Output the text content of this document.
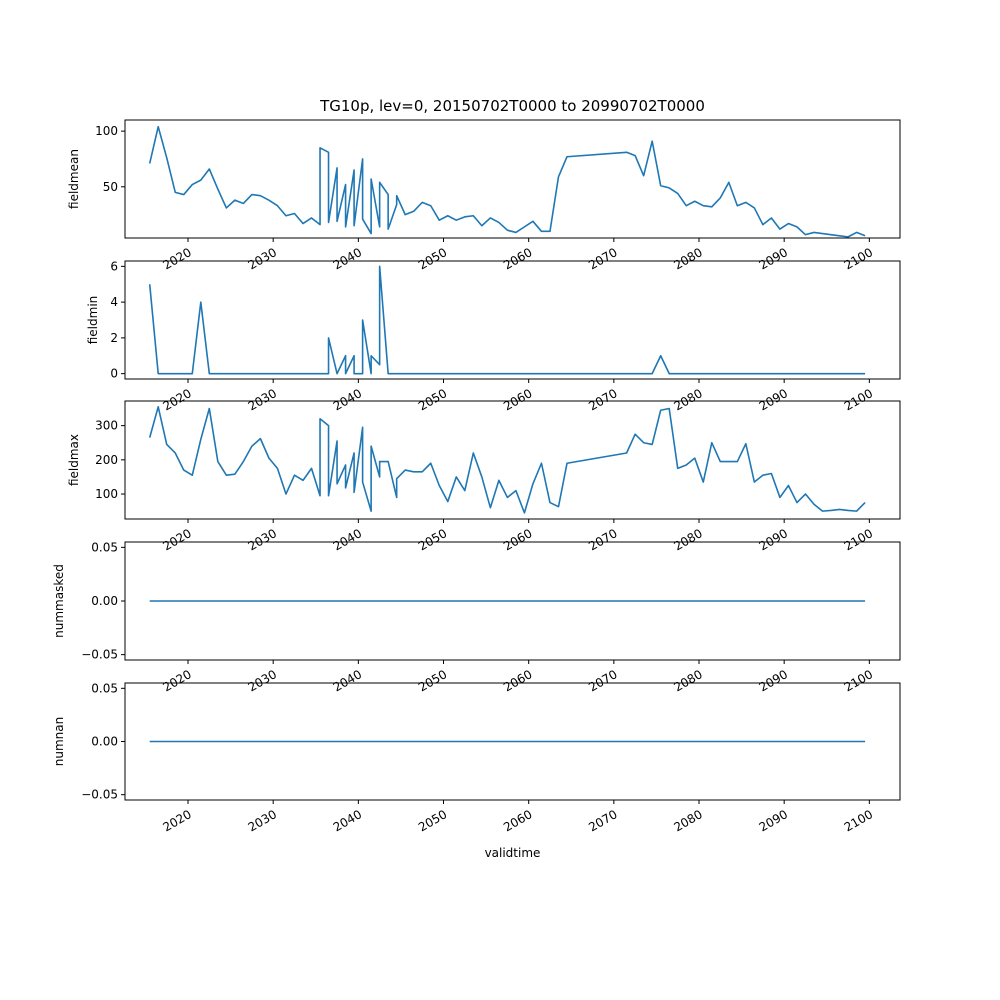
TG10p, lev=0, 20150702T0000 to 20990702T0000
50
100
2020	2030	2040	2050	2060	2070	2080	2090	2100
fieldmean
0
2
4
6
2020	2030	2040	2050	2060	2070	2080	2090	2100
fieldmin
100
200
300
2020	2030	2040	2050	2060	2070	2080	2090	2100
fieldmax
−0.05
0.00
0.05
2020	2030	2040	2050	2060	2070	2080	2090	2100
nummasked
−0.05
0.00
0.05
2020	2030	2040	2050	2060	2070	2080	2090	2100
numnan
validtime
